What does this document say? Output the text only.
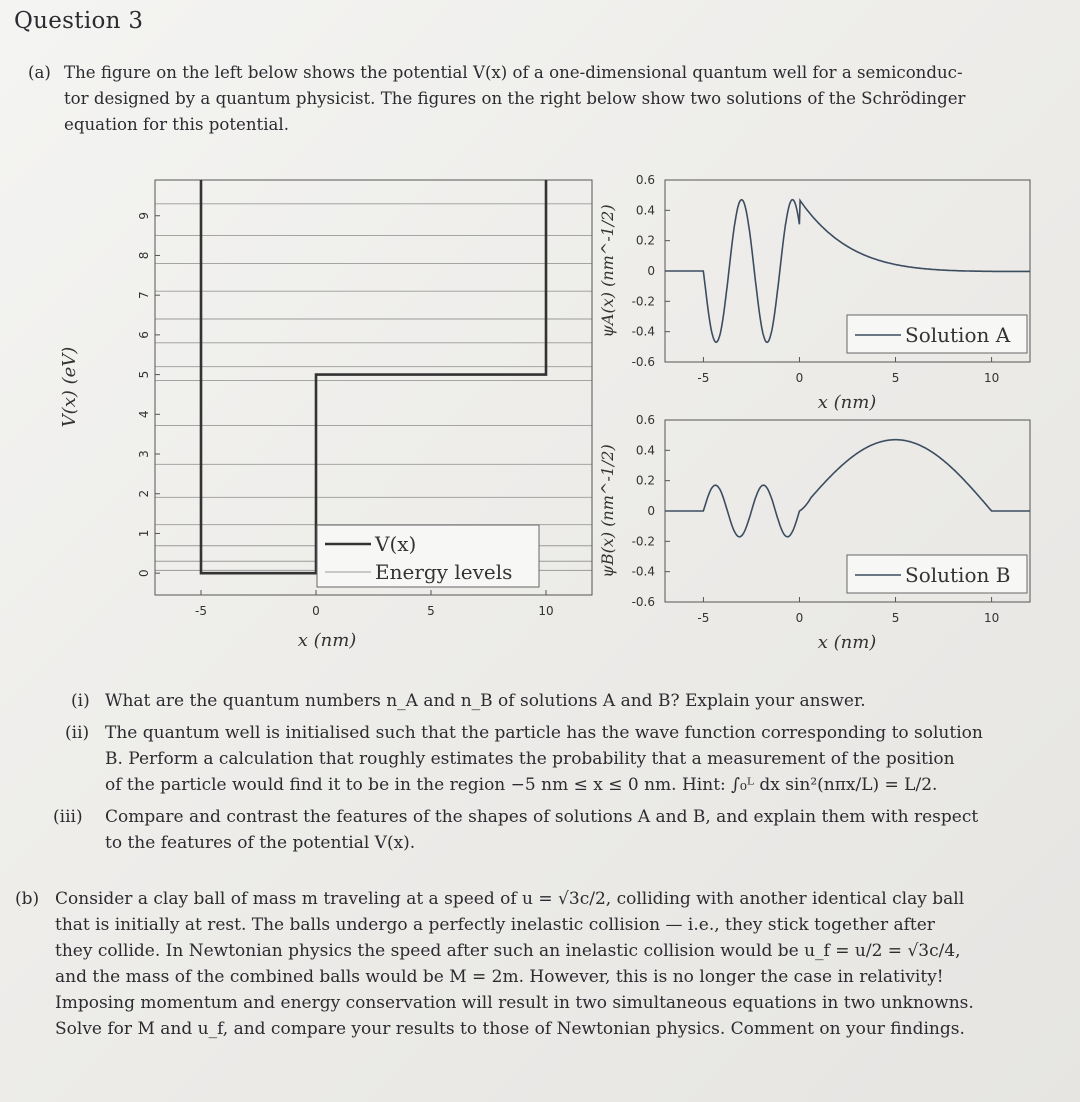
Question 3
(a) The figure on the left below shows the potential V(x) of a one-dimensional quantum well for a semiconduc-
tor designed by a quantum physicist. The figures on the right below show two solutions of the Schrödinger
equation for this potential.
0
1
2
3
4
5
6
7
8
9
-5	0	5	10
V(x) (eV)
x (nm)
V(x)
Energy levels
0.6
0.4
0.2
0
-0.2
-0.4
-0.6
-5	0	5	10
ψA(x) (nm^-1/2)
x (nm)
Solution A
0.6
0.4
0.2
0
-0.2
-0.4
-0.6
-5	0	5	10
ψB(x) (nm^-1/2)
x (nm)
Solution B
(i) What are the quantum numbers n_A and n_B of solutions A and B? Explain your answer.
(ii) The quantum well is initialised such that the particle has the wave function corresponding to solution
B. Perform a calculation that roughly estimates the probability that a measurement of the position
of the particle would find it to be in the region −5 nm ≤ x ≤ 0 nm. Hint: ∫₀ᴸ dx sin²(nπx/L) = L/2.
(iii) Compare and contrast the features of the shapes of solutions A and B, and explain them with respect
to the features of the potential V(x).
(b) Consider a clay ball of mass m traveling at a speed of u = √3c/2, colliding with another identical clay ball
that is initially at rest. The balls undergo a perfectly inelastic collision — i.e., they stick together after
they collide. In Newtonian physics the speed after such an inelastic collision would be u_f = u/2 = √3c/4,
and the mass of the combined balls would be M = 2m. However, this is no longer the case in relativity!
Imposing momentum and energy conservation will result in two simultaneous equations in two unknowns.
Solve for M and u_f, and compare your results to those of Newtonian physics. Comment on your findings.
